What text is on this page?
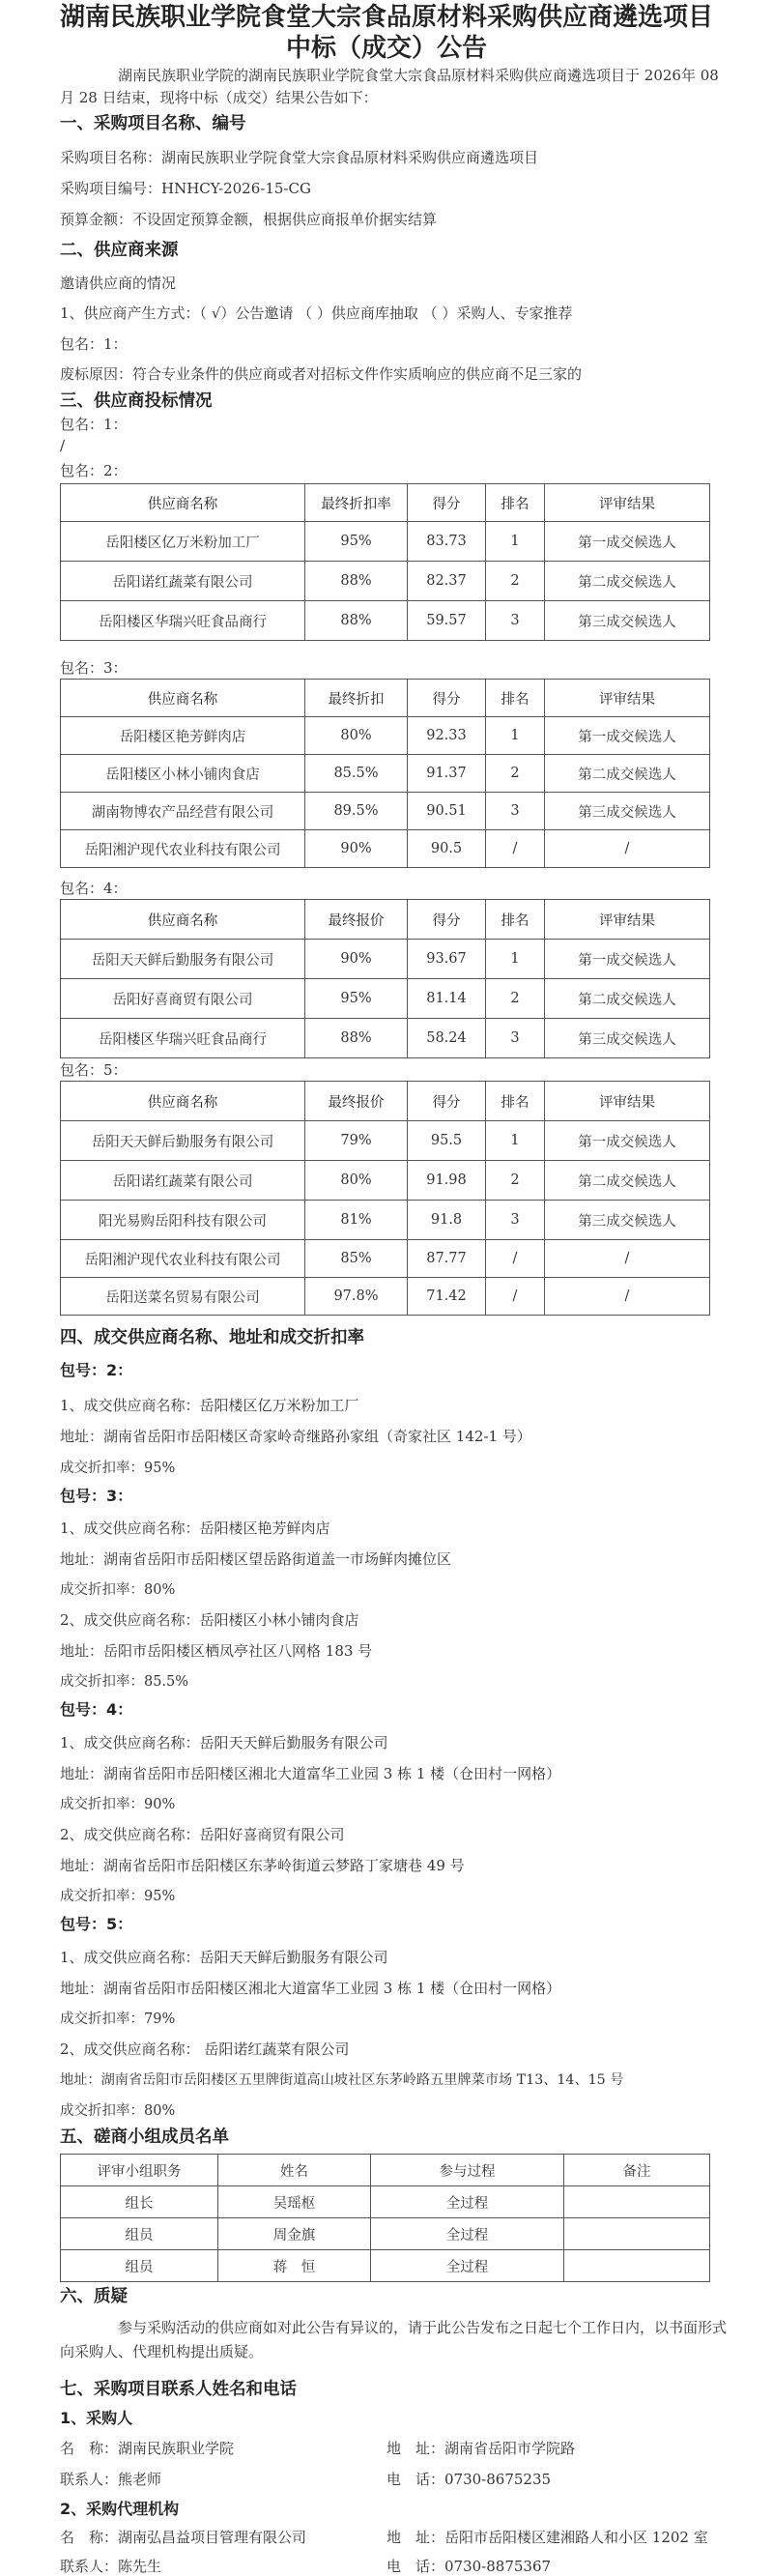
湖南民族职业学院食堂大宗食品原材料采购供应商遴选项目
中标（成交）公告
湖南民族职业学院的湖南民族职业学院食堂大宗食品原材料采购供应商遴选项目于 2026年 08 月 28 日结束，现将中标（成交）结果公告如下：
一、采购项目名称、编号
采购项目名称：湖南民族职业学院食堂大宗食品原材料采购供应商遴选项目
采购项目编号：HNHCY-2026-15-CG
预算金额：不设固定预算金额，根据供应商报单价据实结算
二、供应商来源
邀请供应商的情况
1、供应商产生方式：（ √）公告邀请 （ ）供应商库抽取 （ ）采购人、专家推荐
包名：1：
废标原因：符合专业条件的供应商或者对招标文件作实质响应的供应商不足三家的
三、供应商投标情况
包名：1：
/
包名：2：
供应商名称	最终折扣率	得分	排名	评审结果
岳阳楼区亿万米粉加工厂	95%	83.73	1	第一成交候选人
岳阳诺红蔬菜有限公司	88%	82.37	2	第二成交候选人
岳阳楼区华瑞兴旺食品商行	88%	59.57	3	第三成交候选人
包名：3：
供应商名称	最终折扣	得分	排名	评审结果
岳阳楼区艳芳鲜肉店	80%	92.33	1	第一成交候选人
岳阳楼区小林小铺肉食店	85.5%	91.37	2	第二成交候选人
湖南物博农产品经营有限公司	89.5%	90.51	3	第三成交候选人
岳阳湘沪现代农业科技有限公司	90%	90.5	/	/
包名：4：
供应商名称	最终报价	得分	排名	评审结果
岳阳天天鲜后勤服务有限公司	90%	93.67	1	第一成交候选人
岳阳好喜商贸有限公司	95%	81.14	2	第二成交候选人
岳阳楼区华瑞兴旺食品商行	88%	58.24	3	第三成交候选人
包名：5：
供应商名称	最终报价	得分	排名	评审结果
岳阳天天鲜后勤服务有限公司	79%	95.5	1	第一成交候选人
岳阳诺红蔬菜有限公司	80%	91.98	2	第二成交候选人
阳光易购岳阳科技有限公司	81%	91.8	3	第三成交候选人
岳阳湘沪现代农业科技有限公司	85%	87.77	/	/
岳阳送菜名贸易有限公司	97.8%	71.42	/	/
四、成交供应商名称、地址和成交折扣率
包号：2：
1、成交供应商名称：岳阳楼区亿万米粉加工厂
地址：湖南省岳阳市岳阳楼区奇家岭奇继路孙家组（奇家社区 142-1 号）
成交折扣率：95%
包号：3：
1、成交供应商名称：岳阳楼区艳芳鲜肉店
地址：湖南省岳阳市岳阳楼区望岳路街道盖一市场鲜肉摊位区
成交折扣率：80%
2、成交供应商名称：岳阳楼区小林小铺肉食店
地址：岳阳市岳阳楼区栖凤亭社区八网格 183 号
成交折扣率：85.5%
包号：4：
1、成交供应商名称：岳阳天天鲜后勤服务有限公司
地址：湖南省岳阳市岳阳楼区湘北大道富华工业园 3 栋 1 楼（仓田村一网格）
成交折扣率：90%
2、成交供应商名称：岳阳好喜商贸有限公司
地址：湖南省岳阳市岳阳楼区东茅岭街道云梦路丁家塘巷 49 号
成交折扣率：95%
包号：5：
1、成交供应商名称：岳阳天天鲜后勤服务有限公司
地址：湖南省岳阳市岳阳楼区湘北大道富华工业园 3 栋 1 楼（仓田村一网格）
成交折扣率：79%
2、成交供应商名称： 岳阳诺红蔬菜有限公司
地址：湖南省岳阳市岳阳楼区五里牌街道高山坡社区东茅岭路五里牌菜市场 T13、14、15 号
成交折扣率：80%
五、磋商小组成员名单
评审小组职务	姓名	参与过程	备注
组长	吴瑶枢	全过程	
组员	周金旗	全过程	
组员	蒋　恒	全过程	
六、质疑
参与采购活动的供应商如对此公告有异议的，请于此公告发布之日起七个工作日内，以书面形式向采购人、代理机构提出质疑。
七、采购项目联系人姓名和电话
1、采购人
名　称：湖南民族职业学院	地　址：湖南省岳阳市学院路
联系人：熊老师	电　话：0730-8675235
2、采购代理机构
名　称：湖南弘昌益项目管理有限公司	地　址：岳阳市岳阳楼区建湘路人和小区 1202 室
联系人：陈先生	电　话：0730-8875367
